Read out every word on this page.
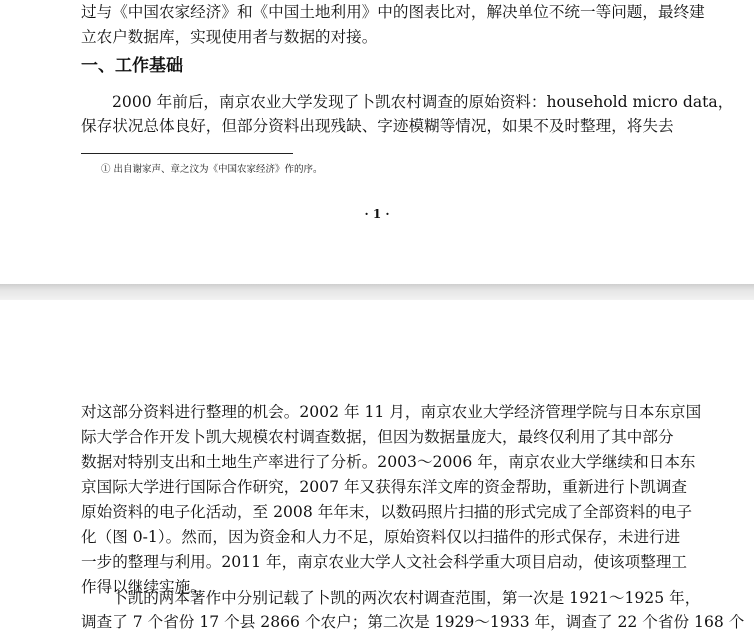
过与《中国农家经济》和《中国土地利用》中的图表比对，解决单位不统一等问题，最终建
立农户数据库，实现使用者与数据的对接。
一、工作基础
2000 年前后，南京农业大学发现了卜凯农村调查的原始资料：household micro data，
保存状况总体良好，但部分资料出现残缺、字迹模糊等情况，如果不及时整理，将失去
① 出自谢家声、章之汶为《中国农家经济》作的序。
· 1 ·
对这部分资料进行整理的机会。2002 年 11 月，南京农业大学经济管理学院与日本东京国
际大学合作开发卜凯大规模农村调查数据，但因为数据量庞大，最终仅利用了其中部分
数据对特别支出和土地生产率进行了分析。2003～2006 年，南京农业大学继续和日本东
京国际大学进行国际合作研究，2007 年又获得东洋文库的资金帮助，重新进行卜凯调查
原始资料的电子化活动，至 2008 年年末，以数码照片扫描的形式完成了全部资料的电子
化（图 0-1）。然而，因为资金和人力不足，原始资料仅以扫描件的形式保存，未进行进
一步的整理与利用。2011 年，南京农业大学人文社会科学重大项目启动，使该项整理工
作得以继续实施。
卜凯的两本著作中分别记载了卜凯的两次农村调查范围，第一次是 1921～1925 年，
调查了 7 个省份 17 个县 2866 个农户；第二次是 1929～1933 年，调查了 22 个省份 168 个
